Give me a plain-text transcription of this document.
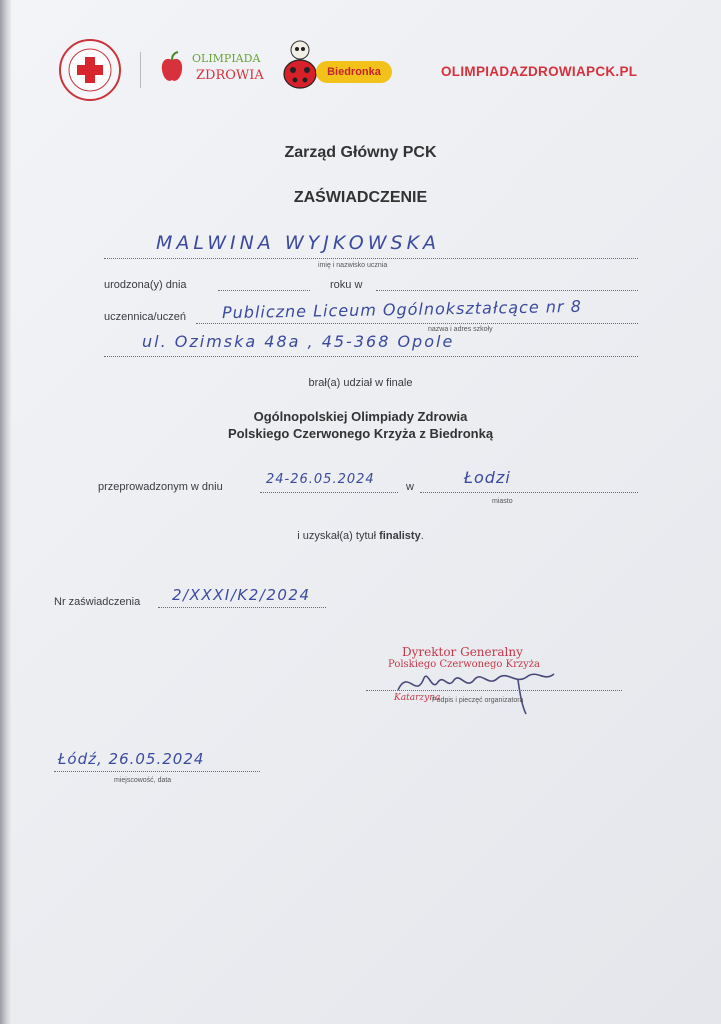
OLIMPIADA
ZDROWIA	Biedronka	OLIMPIADAZDROWIAPCK.PL
Zarząd Główny PCK
ZAŚWIADCZENIE
MALWINA WYJKOWSKA
imię i nazwisko ucznia
urodzona(y) dnia	roku w
uczennica/uczeń Publiczne Liceum Ogólnokształcące nr 8
nazwa i adres szkoły
ul. Ozimska 48a , 45-368 Opole
brał(a) udział w finale
Ogólnopolskiej Olimpiady Zdrowia
Polskiego Czerwonego Krzyża z Biedronką
przeprowadzonym w dniu	24-26.05.2024	w	Łodzi
miasto
i uzyskał(a) tytuł finalisty.
Nr zaświadczenia 2/XXXI/K2/2024
Dyrektor Generalny
Polskiego Czerwonego Krzyża
Katarzyna
Podpis i pieczęć organizatora
Łódź, 26.05.2024
miejscowość, data
